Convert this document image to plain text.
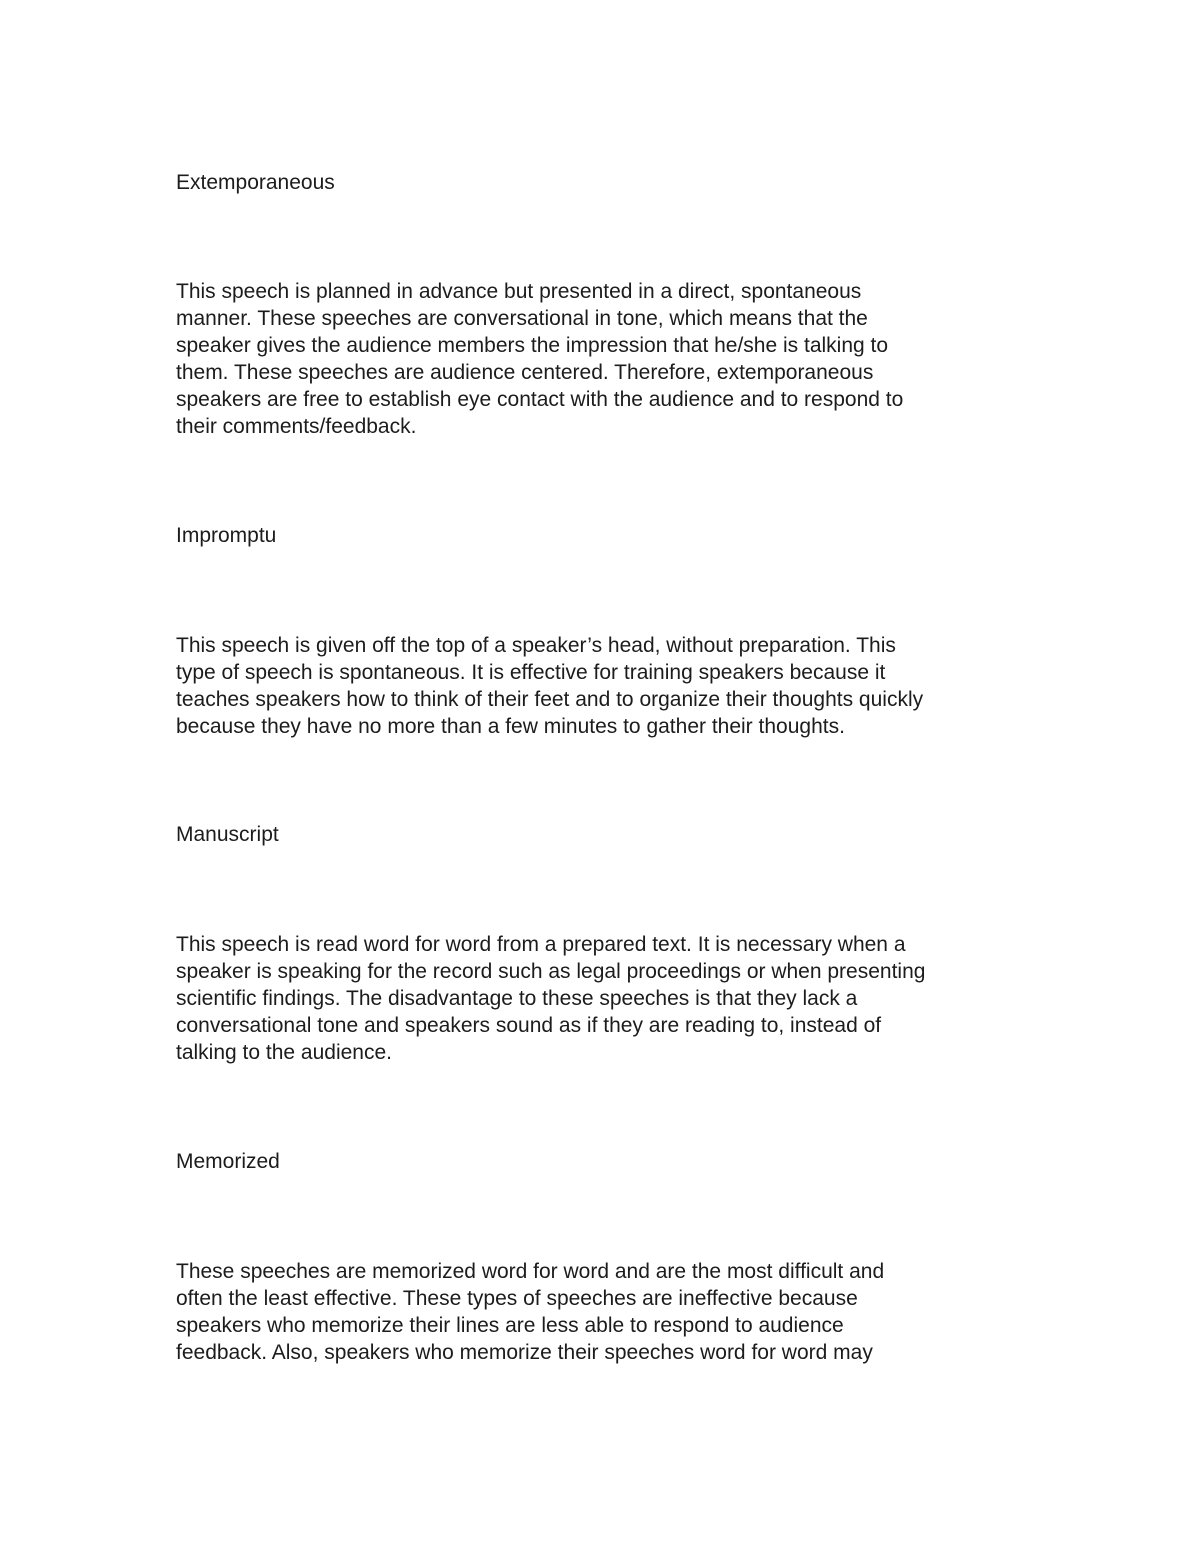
Extemporaneous

This speech is planned in advance but presented in a direct, spontaneous
manner. These speeches are conversational in tone, which means that the
speaker gives the audience members the impression that he/she is talking to
them. These speeches are audience centered. Therefore, extemporaneous
speakers are free to establish eye contact with the audience and to respond to
their comments/feedback.

Impromptu

This speech is given off the top of a speaker’s head, without preparation. This
type of speech is spontaneous. It is effective for training speakers because it
teaches speakers how to think of their feet and to organize their thoughts quickly
because they have no more than a few minutes to gather their thoughts.

Manuscript

This speech is read word for word from a prepared text. It is necessary when a
speaker is speaking for the record such as legal proceedings or when presenting
scientific findings. The disadvantage to these speeches is that they lack a
conversational tone and speakers sound as if they are reading to, instead of
talking to the audience.

Memorized

These speeches are memorized word for word and are the most difficult and
often the least effective. These types of speeches are ineffective because
speakers who memorize their lines are less able to respond to audience
feedback. Also, speakers who memorize their speeches word for word may
